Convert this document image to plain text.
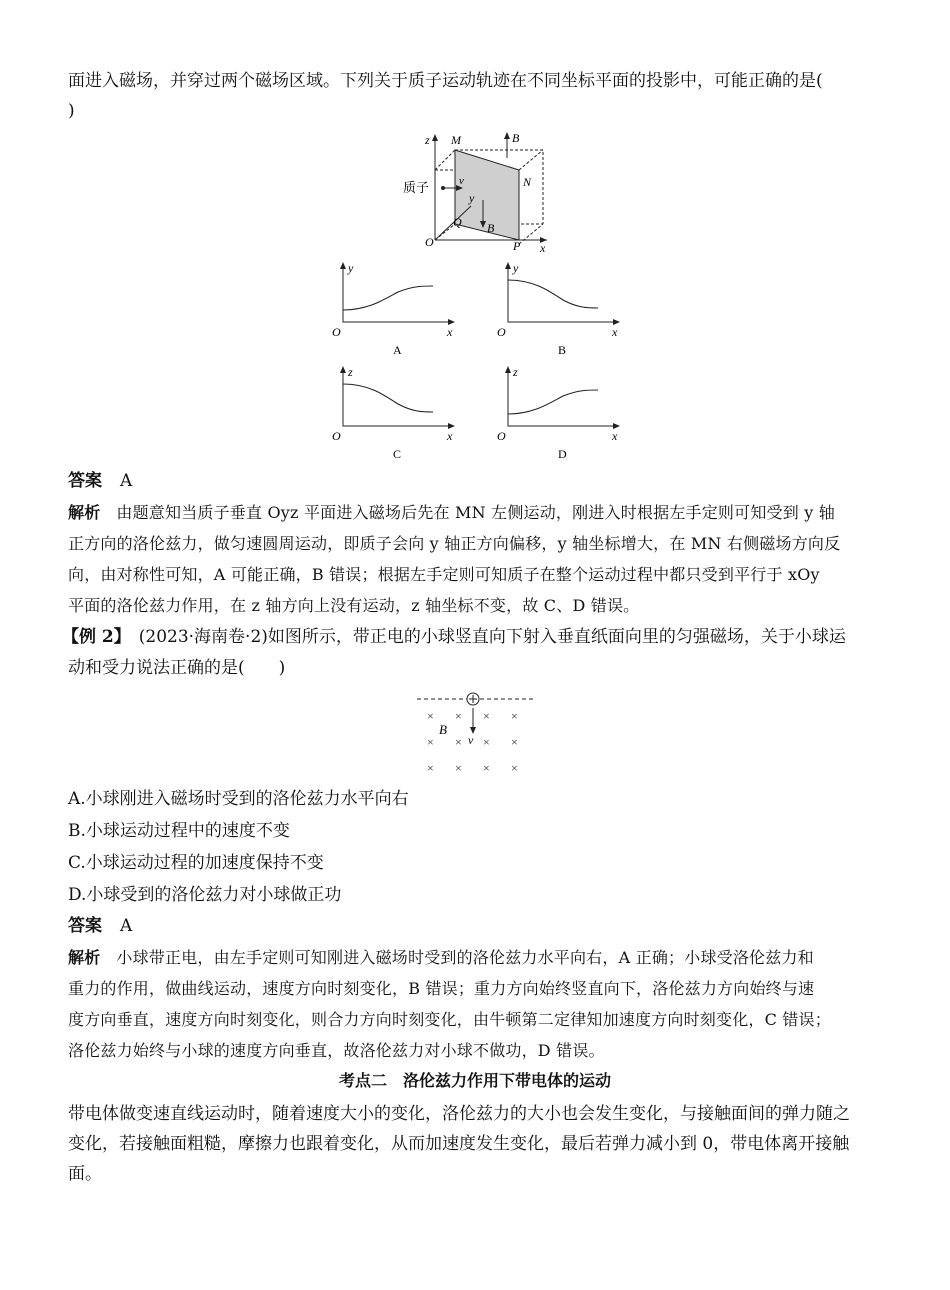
面进入磁场，并穿过两个磁场区域。下列关于质子运动轨迹在不同坐标平面的投影中，可能正确的是(
)
z M	B
质子	v
y
N
Q B
O	P x
y
x
O
A
y
x
O
B
z
x
O
C
z
x
O
D
答案 A
解析 由题意知当质子垂直 Oyz 平面进入磁场后先在 MN 左侧运动，刚进入时根据左手定则可知受到 y 轴
正方向的洛伦兹力，做匀速圆周运动，即质子会向 y 轴正方向偏移，y 轴坐标增大，在 MN 右侧磁场方向反
向，由对称性可知，A 可能正确，B 错误；根据左手定则可知质子在整个运动过程中都只受到平行于 xOy
平面的洛伦兹力作用，在 z 轴方向上没有运动，z 轴坐标不变，故 C、D 错误。
【例 2】 (2023·海南卷·2)如图所示，带正电的小球竖直向下射入垂直纸面向里的匀强磁场，关于小球运
动和受力说法正确的是(　　)
× × × ×
× × × ×
× × × ×
B
v
A.小球刚进入磁场时受到的洛伦兹力水平向右
B.小球运动过程中的速度不变
C.小球运动过程的加速度保持不变
D.小球受到的洛伦兹力对小球做正功
答案 A
解析 小球带正电，由左手定则可知刚进入磁场时受到的洛伦兹力水平向右，A 正确；小球受洛伦兹力和
重力的作用，做曲线运动，速度方向时刻变化，B 错误；重力方向始终竖直向下，洛伦兹力方向始终与速
度方向垂直，速度方向时刻变化，则合力方向时刻变化，由牛顿第二定律知加速度方向时刻变化，C 错误；
洛伦兹力始终与小球的速度方向垂直，故洛伦兹力对小球不做功，D 错误。
考点二　洛伦兹力作用下带电体的运动
带电体做变速直线运动时，随着速度大小的变化，洛伦兹力的大小也会发生变化，与接触面间的弹力随之
变化，若接触面粗糙，摩擦力也跟着变化，从而加速度发生变化，最后若弹力减小到 0，带电体离开接触
面。
